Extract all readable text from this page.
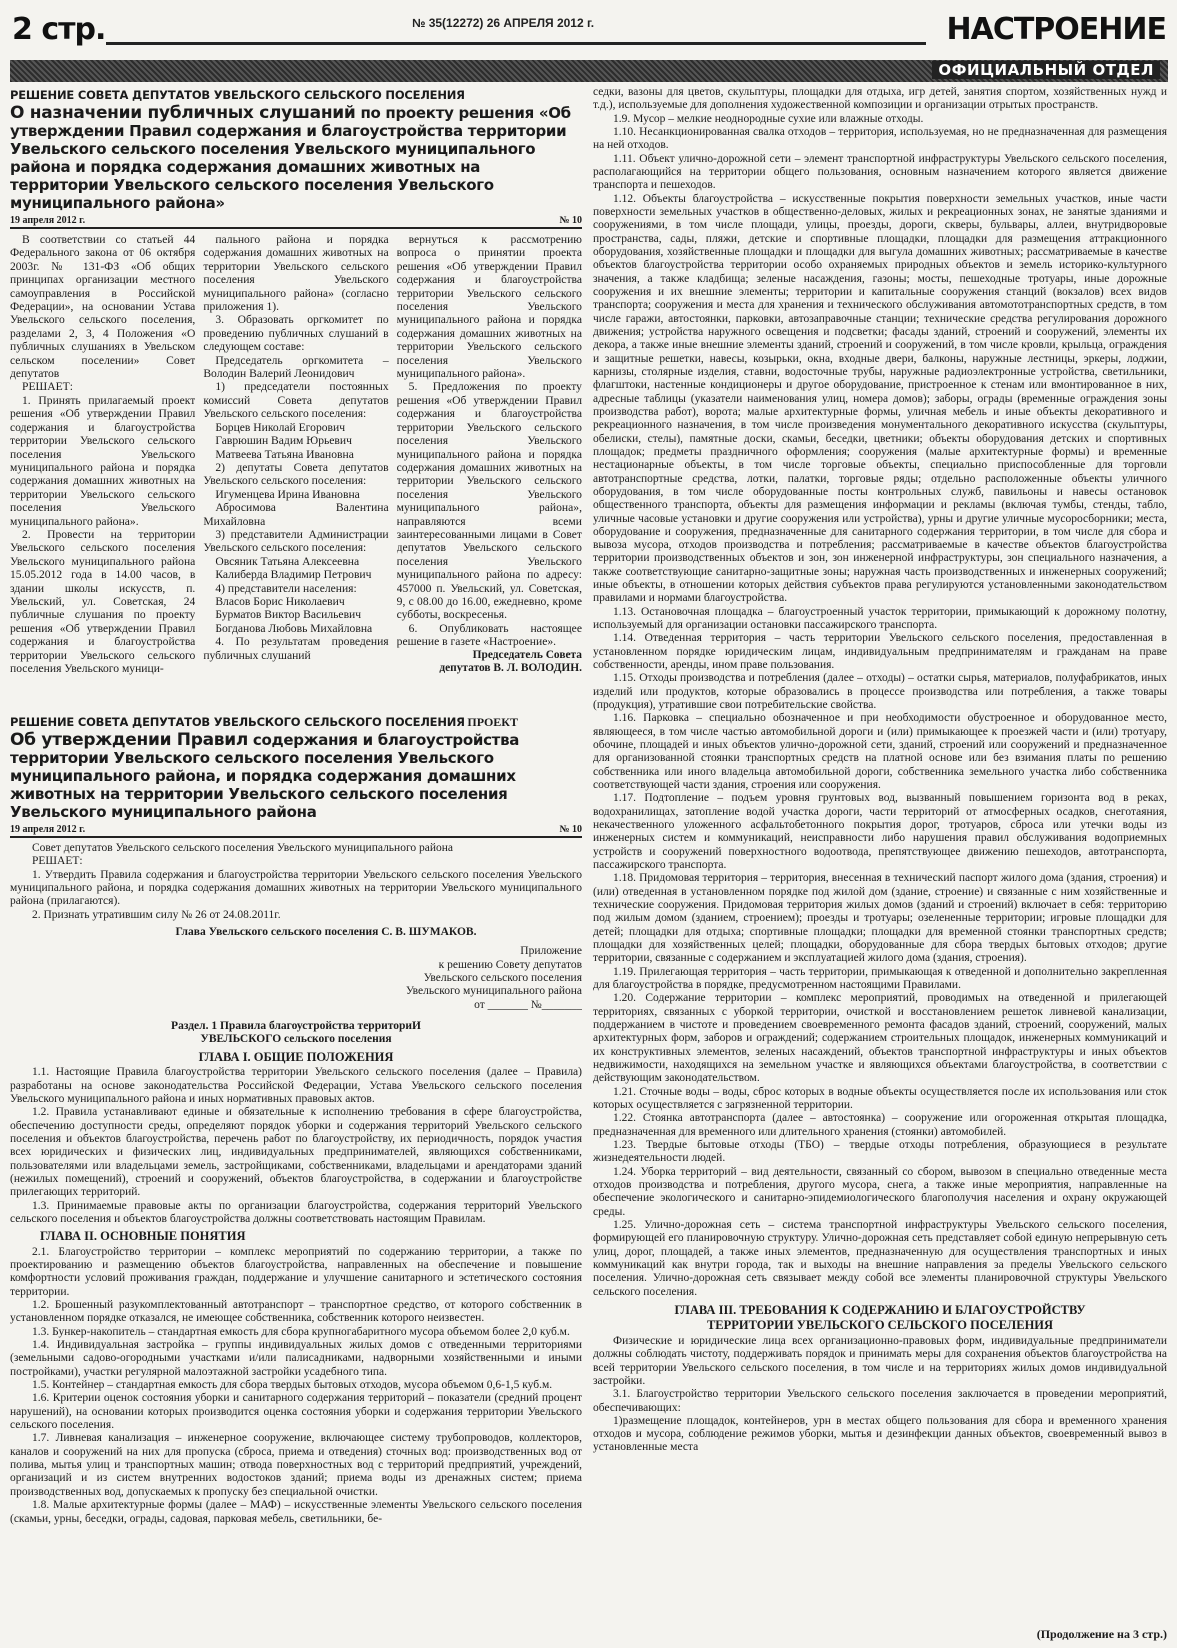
2 стр.	№ 35(12272) 26 АПРЕЛЯ 2012 г.	НАСТРОЕНИЕ
ОФИЦИАЛЬНЫЙ ОТДЕЛ
РЕШЕНИЕ СОВЕТА ДЕПУТАТОВ УВЕЛЬСКОГО СЕЛЬСКОГО ПОСЕЛЕНИЯ
О назначении публичных слушаний по проекту решения «Об утверждении Правил содержания и благоустройства территории Увельского сельского поселения Увельского муниципального района и порядка содержания домашних животных на территории Увельского сельского поселения Увельского муниципального района»
19 апреля 2012 г.	№ 10

В соответствии со статьей 44 Федерального закона от 06 октября 2003г. № 131-ФЗ «Об общих принципах организации местного самоуправления в Российской Федерации», на основании Устава Увельского сельского поселения, разделами 2, 3, 4 Положения «О публичных слушаниях в Увельском сельском поселении» Совет депутатов

РЕШАЕТ:

1. Принять прилагаемый проект решения «Об утверждении Правил содержания и благоустройства территории Увельского сельского поселения Увельского муниципального района и порядка содержания домашних животных на территории Увельского сельского поселения Увельского муниципального района».

2. Провести на территории Увельского сельского поселения Увельского муниципального района 15.05.2012 года в 14.00 часов, в здании школы искусств, п. Увельский, ул. Советская, 24 публичные слушания по проекту решения «Об утверждении Правил содержания и благоустройства территории Увельского сельского поселения Увельского муници-

пального района и порядка содержания домашних животных на территории Увельского сельского поселения Увельского муниципального района» (согласно приложения 1).

3. Образовать оргкомитет по проведению публичных слушаний в следующем составе:

Председатель оргкомитета – Володин Валерий Леонидович

1) председатели постоянных комиссий Совета депутатов Увельского сельского поселения:

Борцев Николай Егорович

Гаврюшин Вадим Юрьевич

Матвеева Татьяна Ивановна

2) депутаты Совета депутатов Увельского сельского поселения:

Игуменцева Ирина Ивановна

Абросимова Валентина Михайловна

3) представители Администрации Увельского сельского поселения:

Овсяник Татьяна Алексеевна

Калиберда Владимир Петрович

4) представители населения:

Власов Борис Николаевич

Бурматов Виктор Васильевич

Богданова Любовь Михайловна

4. По результатам проведения публичных слушаний

вернуться к рассмотрению вопроса о принятии проекта решения «Об утверждении Правил содержания и благоустройства территории Увельского сельского поселения Увельского муниципального района и порядка содержания домашних животных на территории Увельского сельского поселения Увельского муниципального района».

5. Предложения по проекту решения «Об утверждении Правил содержания и благоустройства территории Увельского сельского поселения Увельского муниципального района и порядка содержания домашних животных на территории Увельского сельского поселения Увельского муниципального района», направляются всеми заинтересованными лицами в Совет депутатов Увельского сельского поселения Увельского муниципального района по адресу: 457000 п. Увельский, ул. Советская, 9, с 08.00 до 16.00, ежедневно, кроме субботы, воскресенья.

6. Опубликовать настоящее решение в газете «Настроение».

Председатель Совета
депутатов В. Л. ВОЛОДИН.
РЕШЕНИЕ СОВЕТА ДЕПУТАТОВ УВЕЛЬСКОГО СЕЛЬСКОГО ПОСЕЛЕНИЯ ПРОЕКТ
Об утверждении Правил содержания и благоустройства территории Увельского сельского поселения Увельского муниципального района, и порядка содержания домашних животных на территории Увельского сельского поселения Увельского муниципального района
19 апреля 2012 г.	№ 10

Совет депутатов Увельского сельского поселения Увельского муниципального района

РЕШАЕТ:

1. Утвердить Правила содержания и благоустройства территории Увельского сельского поселения Увельского муниципального района, и порядка содержания домашних животных на территории Увельского муниципального района (прилагаются).

2. Признать утратившим силу № 26 от 24.08.2011г.

Глава Увельского сельского поселения С. В. ШУМАКОВ.
Приложение
к решению Совету депутатов
Увельского сельского поселения
Увельского муниципального района
от _______ №_______
Раздел. 1 Правила благоустройства территориИ
УВЕЛЬСКОГО сельского поселения
ГЛАВА I. ОБЩИЕ ПОЛОЖЕНИЯ

1.1. Настоящие Правила благоустройства территории Увельского сельского поселения (далее – Правила) разработаны на основе законодательства Российской Федерации, Устава Увельского сельского поселения Увельского муниципального района и иных нормативных правовых актов.

1.2. Правила устанавливают единые и обязательные к исполнению требования в сфере благоустройства, обеспечению доступности среды, определяют порядок уборки и содержания территорий Увельского сельского поселения и объектов благоустройства, перечень работ по благоустройству, их периодичность, порядок участия всех юридических и физических лиц, индивидуальных предпринимателей, являющихся собственниками, пользователями или владельцами земель, застройщиками, собственниками, владельцами и арендаторами зданий (нежилых помещений), строений и сооружений, объектов благоустройства, в содержании и благоустройстве прилегающих территорий.

1.3. Принимаемые правовые акты по организации благоустройства, содержания территорий Увельского сельского поселения и объектов благоустройства должны соответствовать настоящим Правилам.

ГЛАВА II. ОСНОВНЫЕ ПОНЯТИЯ

2.1. Благоустройство территории – комплекс мероприятий по содержанию территории, а также по проектированию и размещению объектов благоустройства, направленных на обеспечение и повышение комфортности условий проживания граждан, поддержание и улучшение санитарного и эстетического состояния территории.

1.2. Брошенный разукомплектованный автотранспорт – транспортное средство, от которого собственник в установленном порядке отказался, не имеющее собственника, собственник которого неизвестен.

1.3. Бункер-накопитель – стандартная емкость для сбора крупногабаритного мусора объемом более 2,0 куб.м.

1.4. Индивидуальная застройка – группы индивидуальных жилых домов с отведенными территориями (земельными садово-огородными участками и/или палисадниками, надворными хозяйственными и иными постройками), участки регулярной малоэтажной застройки усадебного типа.

1.5. Контейнер – стандартная емкость для сбора твердых бытовых отходов, мусора объемом 0,6-1,5 куб.м.

1.6. Критерии оценок состояния уборки и санитарного содержания территорий – показатели (средний процент нарушений), на основании которых производится оценка состояния уборки и содержания территории Увельского сельского поселения.

1.7. Ливневая канализация – инженерное сооружение, включающее систему трубопроводов, коллекторов, каналов и сооружений на них для пропуска (сброса, приема и отведения) сточных вод: производственных вод от полива, мытья улиц и транспортных машин; отвода поверхностных вод с территорий предприятий, учреждений, организаций и из систем внутренних водостоков зданий; приема воды из дренажных систем; приема производственных вод, допускаемых к пропуску без специальной очистки.

1.8. Малые архитектурные формы (далее – МАФ) – искусственные элементы Увельского сельского поселения (скамьи, урны, беседки, ограды, садовая, парковая мебель, светильники, бе-

седки, вазоны для цветов, скульптуры, площадки для отдыха, игр детей, занятия спортом, хозяйственных нужд и т.д.), используемые для дополнения художественной композиции и организации отрытых пространств.

1.9. Мусор – мелкие неоднородные сухие или влажные отходы.

1.10. Несанкционированная свалка отходов – территория, используемая, но не предназначенная для размещения на ней отходов.

1.11. Объект улично-дорожной сети – элемент транспортной инфраструктуры Увельского сельского поселения, располагающийся на территории общего пользования, основным назначением которого является движение транспорта и пешеходов.

1.12. Объекты благоустройства – искусственные покрытия поверхности земельных участков, иные части поверхности земельных участков в общественно-деловых, жилых и рекреационных зонах, не занятые зданиями и сооружениями, в том числе площади, улицы, проезды, дороги, скверы, бульвары, аллеи, внутридворовые пространства, сады, пляжи, детские и спортивные площадки, площадки для размещения аттракционного оборудования, хозяйственные площадки и площадки для выгула домашних животных; рассматриваемые в качестве объектов благоустройства территории особо охраняемых природных объектов и земель историко-культурного значения, а также кладбища; зеленые насаждения, газоны; мосты, пешеходные тротуары, иные дорожные сооружения и их внешние элементы; территории и капитальные сооружения станций (вокзалов) всех видов транспорта; сооружения и места для хранения и технического обслуживания автомототранспортных средств, в том числе гаражи, автостоянки, парковки, автозаправочные станции; технические средства регулирования дорожного движения; устройства наружного освещения и подсветки; фасады зданий, строений и сооружений, элементы их декора, а также иные внешние элементы зданий, строений и сооружений, в том числе кровли, крыльца, ограждения и защитные решетки, навесы, козырьки, окна, входные двери, балконы, наружные лестницы, эркеры, лоджии, карнизы, столярные изделия, ставни, водосточные трубы, наружные радиоэлектронные устройства, светильники, флагштоки, настенные кондиционеры и другое оборудование, пристроенное к стенам или вмонтированное в них, адресные таблицы (указатели наименования улиц, номера домов); заборы, ограды (временные ограждения зоны производства работ), ворота; малые архитектурные формы, уличная мебель и иные объекты декоративного и рекреационного назначения, в том числе произведения монументального декоративного искусства (скульптуры, обелиски, стелы), памятные доски, скамьи, беседки, цветники; объекты оборудования детских и спортивных площадок; предметы праздничного оформления; сооружения (малые архитектурные формы) и временные нестационарные объекты, в том числе торговые объекты, специально приспособленные для торговли автотранспортные средства, лотки, палатки, торговые ряды; отдельно расположенные объекты уличного оборудования, в том числе оборудованные посты контрольных служб, павильоны и навесы остановок общественного транспорта, объекты для размещения информации и рекламы (включая тумбы, стенды, табло, уличные часовые установки и другие сооружения или устройства), урны и другие уличные мусоросборники; места, оборудование и сооружения, предназначенные для санитарного содержания территории, в том числе для сбора и вывоза мусора, отходов производства и потребления; рассматриваемые в качестве объектов благоустройства территории производственных объектов и зон, зон инженерной инфраструктуры, зон специального назначения, а также соответствующие санитарно-защитные зоны; наружная часть производственных и инженерных сооружений; иные объекты, в отношении которых действия субъектов права регулируются установленными законодательством правилами и нормами благоустройства.

1.13. Остановочная площадка – благоустроенный участок территории, примыкающий к дорожному полотну, используемый для организации остановки пассажирского транспорта.

1.14. Отведенная территория – часть территории Увельского сельского поселения, предоставленная в установленном порядке юридическим лицам, индивидуальным предпринимателям и гражданам на праве собственности, аренды, ином праве пользования.

1.15. Отходы производства и потребления (далее – отходы) – остатки сырья, материалов, полуфабрикатов, иных изделий или продуктов, которые образовались в процессе производства или потребления, а также товары (продукция), утратившие свои потребительские свойства.

1.16. Парковка – специально обозначенное и при необходимости обустроенное и оборудованное место, являющееся, в том числе частью автомобильной дороги и (или) примыкающее к проезжей части и (или) тротуару, обочине, площадей и иных объектов улично-дорожной сети, зданий, строений или сооружений и предназначенное для организованной стоянки транспортных средств на платной основе или без взимания платы по решению собственника или иного владельца автомобильной дороги, собственника земельного участка либо собственника соответствующей части здания, строения или сооружения.

1.17. Подтопление – подъем уровня грунтовых вод, вызванный повышением горизонта вод в реках, водохранилищах, затопление водой участка дороги, части территорий от атмосферных осадков, снеготаяния, некачественного уложенного асфальтобетонного покрытия дорог, тротуаров, сброса или утечки воды из инженерных систем и коммуникаций, неисправности либо нарушения правил обслуживания водоприемных устройств и сооружений поверхностного водоотвода, препятствующее движению пешеходов, автотранспорта, пассажирского транспорта.

1.18. Придомовая территория – территория, внесенная в технический паспорт жилого дома (здания, строения) и (или) отведенная в установленном порядке под жилой дом (здание, строение) и связанные с ним хозяйственные и технические сооружения. Придомовая территория жилых домов (зданий и строений) включает в себя: территорию под жилым домом (зданием, строением); проезды и тротуары; озелененные территории; игровые площадки для детей; площадки для отдыха; спортивные площадки; площадки для временной стоянки транспортных средств; площадки для хозяйственных целей; площадки, оборудованные для сбора твердых бытовых отходов; другие территории, связанные с содержанием и эксплуатацией жилого дома (здания, строения).

1.19. Прилегающая территория – часть территории, примыкающая к отведенной и дополнительно закрепленная для благоустройства в порядке, предусмотренном настоящими Правилами.

1.20. Содержание территории – комплекс мероприятий, проводимых на отведенной и прилегающей территориях, связанных с уборкой территории, очисткой и восстановлением решеток ливневой канализации, поддержанием в чистоте и проведением своевременного ремонта фасадов зданий, строений, сооружений, малых архитектурных форм, заборов и ограждений; содержанием строительных площадок, инженерных коммуникаций и их конструктивных элементов, зеленых насаждений, объектов транспортной инфраструктуры и иных объектов недвижимости, находящихся на земельном участке и являющихся объектами благоустройства, в соответствии с действующим законодательством.

1.21. Сточные воды – воды, сброс которых в водные объекты осуществляется после их использования или сток которых осуществляется с загрязненной территории.

1.22. Стоянка автотранспорта (далее – автостоянка) – сооружение или огороженная открытая площадка, предназначенная для временного или длительного хранения (стоянки) автомобилей.

1.23. Твердые бытовые отходы (ТБО) – твердые отходы потребления, образующиеся в результате жизнедеятельности людей.

1.24. Уборка территорий – вид деятельности, связанный со сбором, вывозом в специально отведенные места отходов производства и потребления, другого мусора, снега, а также иные мероприятия, направленные на обеспечение экологического и санитарно-эпидемиологического благополучия населения и охрану окружающей среды.

1.25. Улично-дорожная сеть – система транспортной инфраструктуры Увельского сельского поселения, формирующей его планировочную структуру. Улично-дорожная сеть представляет собой единую непрерывную сеть улиц, дорог, площадей, а также иных элементов, предназначенную для осуществления транспортных и иных коммуникаций как внутри города, так и выходы на внешние направления за пределы Увельского сельского поселения. Улично-дорожная сеть связывает между собой все элементы планировочной структуры Увельского сельского поселения.

ГЛАВА III. ТРЕБОВАНИЯ К СОДЕРЖАНИЮ И БЛАГОУСТРОЙСТВУ ТЕРРИТОРИИ УВЕЛЬСКОГО СЕЛЬСКОГО ПОСЕЛЕНИЯ

Физические и юридические лица всех организационно-правовых форм, индивидуальные предприниматели должны соблюдать чистоту, поддерживать порядок и принимать меры для сохранения объектов благоустройства на всей территории Увельского сельского поселения, в том числе и на территориях жилых домов индивидуальной застройки.

3.1. Благоустройство территории Увельского сельского поселения заключается в проведении мероприятий, обеспечивающих:

1)размещение площадок, контейнеров, урн в местах общего пользования для сбора и временного хранения отходов и мусора, соблюдение режимов уборки, мытья и дезинфекции данных объектов, своевременный вывоз в установленные места

(Продолжение на 3 стр.)
